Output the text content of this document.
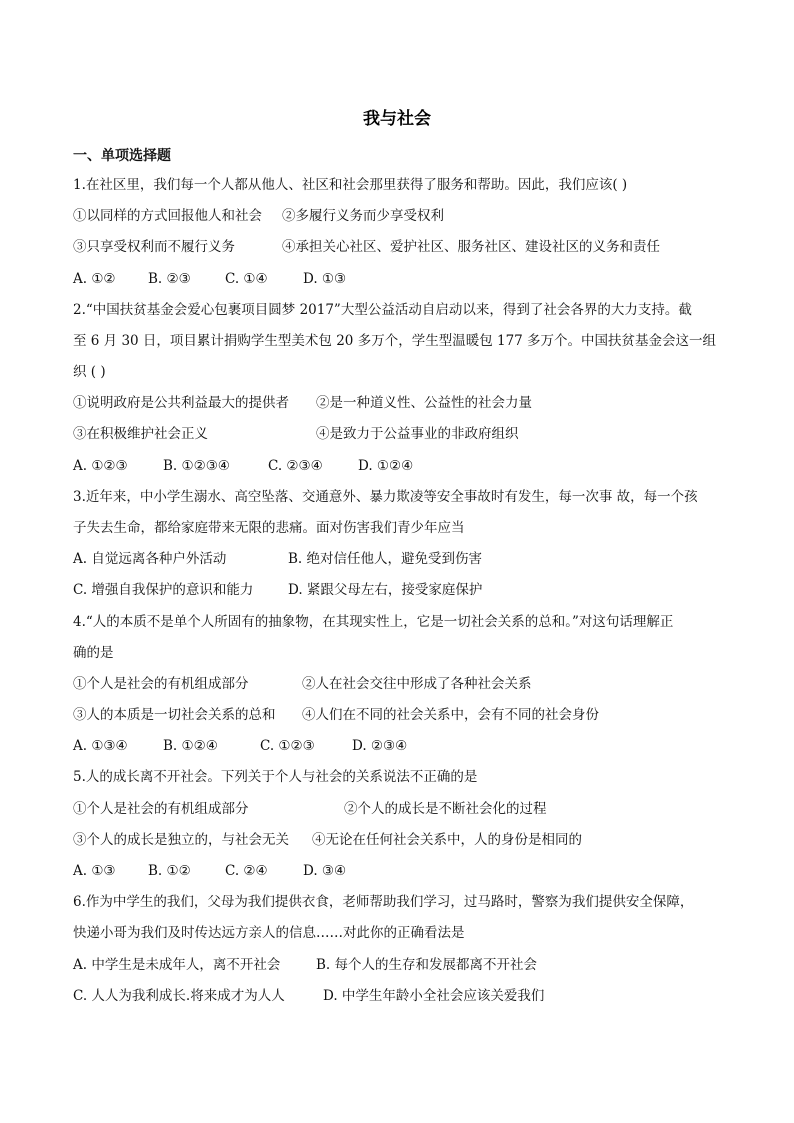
我与社会
一、单项选择题
1.在社区里，我们每一个人都从他人、社区和社会那里获得了服务和帮助。因此，我们应该( )
①以同样的方式回报他人和社会 ②多履行义务而少享受权利
③只享受权利而不履行义务	④承担关心社区、爱护社区、服务社区、建设社区的义务和责任
A. ①② B. ②③	C. ①④	D. ①③
2.“中国扶贫基金会爱心包裹项目圆梦 2017”大型公益活动自启动以来，得到了社会各界的大力支持。截
至 6 月 30 日，项目累计捐购学生型美术包 20 多万个，学生型温暖包 177 多万个。中国扶贫基金会这一组
织 ( )
①说明政府是公共利益最大的提供者 ②是一种道义性、公益性的社会力量
③在积极维护社会正义	④是致力于公益事业的非政府组织
A. ①②③	B. ①②③④	C. ②③④	D. ①②④
3.近年来，中小学生溺水、高空坠落、交通意外、暴力欺凌等安全事故时有发生，每一次事 故，每一个孩
子失去生命，都给家庭带来无限的悲痛。面对伤害我们青少年应当
A. 自觉远离各种户外活动	B. 绝对信任他人，避免受到伤害
C. 增强自我保护的意识和能力	D. 紧跟父母左右，接受家庭保护
4.“人的本质不是单个人所固有的抽象物，在其现实性上，它是一切社会关系的总和。”对这句话理解正
确的是
①个人是社会的有机组成部分	②人在社会交往中形成了各种社会关系
③人的本质是一切社会关系的总和 ④人们在不同的社会关系中，会有不同的社会身份
A. ①③④	B. ①②④	C. ①②③	D. ②③④
5.人的成长离不开社会。下列关于个人与社会的关系说法不正确的是
①个人是社会的有机组成部分	②个人的成长是不断社会化的过程
③个人的成长是独立的，与社会无关 ④无论在任何社会关系中，人的身份是相同的
A. ①③ B. ①②	C. ②④	D. ③④
6.作为中学生的我们，父母为我们提供衣食，老师帮助我们学习，过马路时，警察为我们提供安全保障，
快递小哥为我们及时传达远方亲人的信息……对此你的正确看法是
A. 中学生是未成年人，离不开社会	B. 每个人的生存和发展都离不开社会
C. 人人为我利成长.将来成才为人人	D. 中学生年龄小全社会应该关爱我们
